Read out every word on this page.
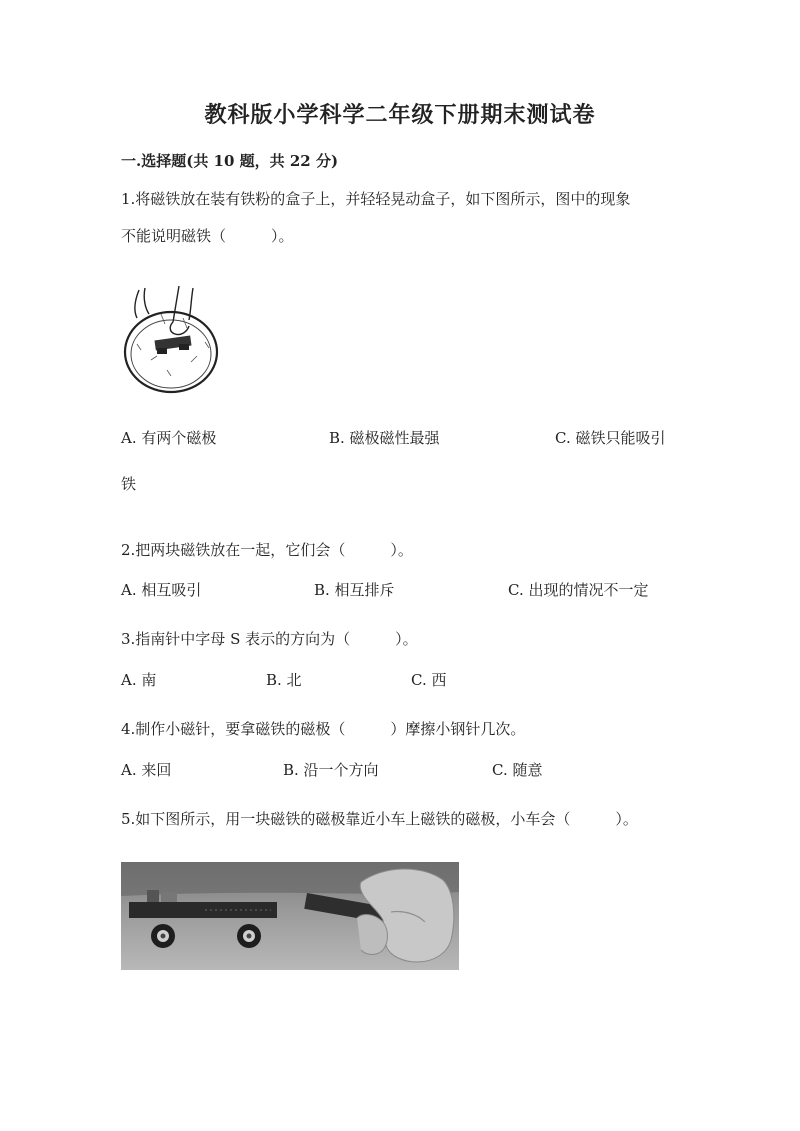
教科版小学科学二年级下册期末测试卷
一.选择题(共 10 题，共 22 分)
1.将磁铁放在装有铁粉的盒子上，并轻轻晃动盒子，如下图所示，图中的现象
不能说明磁铁（　　　）。
A. 有两个磁极	B. 磁极磁性最强	C. 磁铁只能吸引
铁
2.把两块磁铁放在一起，它们会（　　　）。
A. 相互吸引	B. 相互排斥	C. 出现的情况不一定
3.指南针中字母 S 表示的方向为（　　　）。
A. 南	B. 北	C. 西
4.制作小磁针，要拿磁铁的磁极（　　　）摩擦小钢针几次。
A. 来回	B. 沿一个方向	C. 随意
5.如下图所示，用一块磁铁的磁极靠近小车上磁铁的磁极，小车会（　　　）。
